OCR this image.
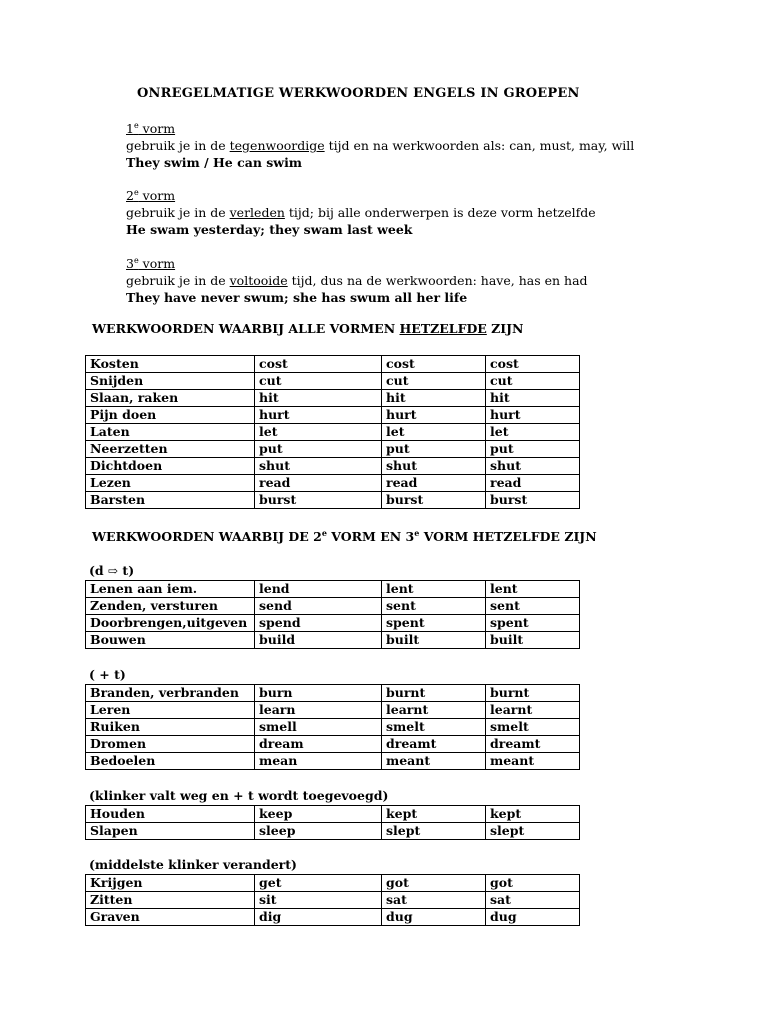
ONREGELMATIGE WERKWOORDEN ENGELS IN GROEPEN
1e vorm
gebruik je in de tegenwoordige tijd en na werkwoorden als: can, must, may, will
They swim / He can swim
2e vorm
gebruik je in de verleden tijd; bij alle onderwerpen is deze vorm hetzelfde
He swam yesterday; they swam last week
3e vorm
gebruik je in de voltooide tijd, dus na de werkwoorden: have, has en had
They have never swum; she has swum all her life
WERKWOORDEN WAARBIJ ALLE VORMEN HETZELFDE ZIJN
Kosten	cost	cost	cost
Snijden	cut	cut	cut
Slaan, raken	hit	hit	hit
Pijn doen	hurt	hurt	hurt
Laten	let	let	let
Neerzetten	put	put	put
Dichtdoen	shut	shut	shut
Lezen	read	read	read
Barsten	burst	burst	burst
WERKWOORDEN WAARBIJ DE 2e VORM EN 3e VORM HETZELFDE ZIJN
(d ⇨ t)
Lenen aan iem.	lend	lent	lent
Zenden, versturen	send	sent	sent
Doorbrengen,uitgeven	spend	spent	spent
Bouwen	build	built	built
( + t)
Branden, verbranden	burn	burnt	burnt
Leren	learn	learnt	learnt
Ruiken	smell	smelt	smelt
Dromen	dream	dreamt	dreamt
Bedoelen	mean	meant	meant
(klinker valt weg en + t wordt toegevoegd)
Houden	keep	kept	kept
Slapen	sleep	slept	slept
(middelste klinker verandert)
Krijgen	get	got	got
Zitten	sit	sat	sat
Graven	dig	dug	dug
